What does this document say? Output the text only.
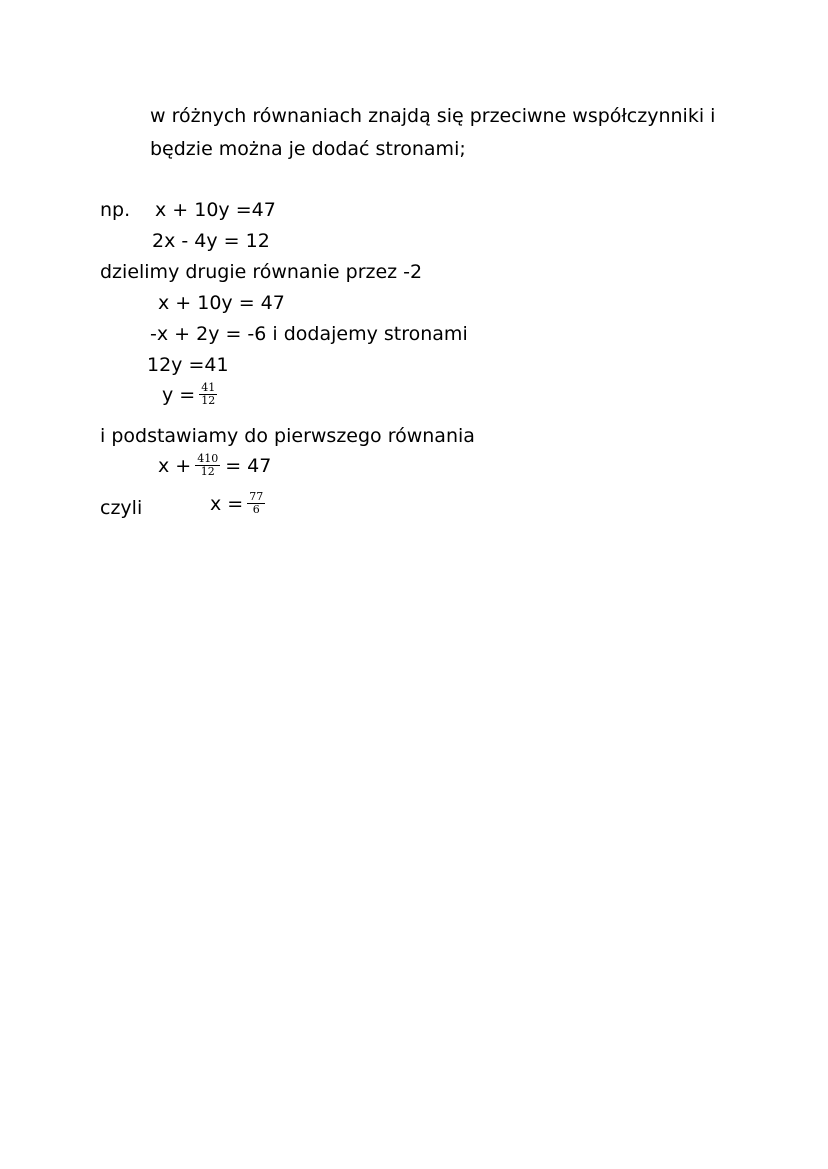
w różnych równaniach znajdą się przeciwne współczynniki i
będzie można je dodać stronami;
np. x + 10y =47
2x - 4y = 12
dzielimy drugie równanie przez -2
x + 10y = 47
-x + 2y = -6 i dodajemy stronami
12y =41
$y = \frac{41}{12}$
i podstawiamy do pierwszego równania
$x + \frac{410}{12} = 47$
czyli	$x = \frac{77}{6}$
